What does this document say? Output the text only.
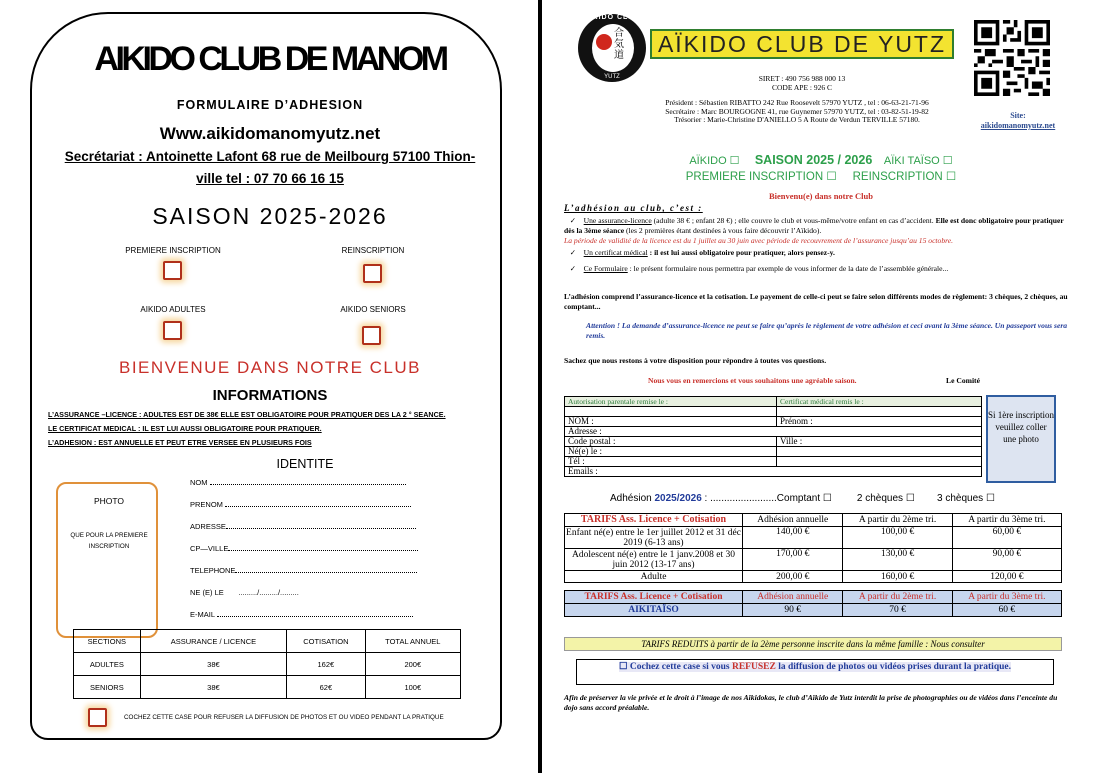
AIKIDO CLUB DE MANOM
FORMULAIRE D’ADHESION
Www.aikidomanomyutz.net
Secrétariat : Antoinette Lafont 68 rue de Meilbourg 57100 Thion-
ville tel : 07 70 66 16 15
SAISON 2025-2026
PREMIERE INSCRIPTION	REINSCRIPTION
AIKIDO ADULTES	AIKIDO SENIORS
BIENVENUE DANS NOTRE CLUB
INFORMATIONS
L’ASSURANCE –LICENCE : ADULTES EST DE 38€ ELLE EST OBLIGATOIRE POUR PRATIQUER DES LA 2 ° SEANCE.
LE CERTIFICAT MEDICAL : IL EST LUI AUSSI OBLIGATOIRE POUR PRATIQUER.
L’ADHESION : EST ANNUELLE ET PEUT ETRE VERSEE EN PLUSIEURS FOIS
IDENTITE
PHOTO
QUE POUR LA PREMIERE
INSCRIPTION
NOM
PRENOM
ADRESSE
CP—VILLE
TELEPHONE
NE (E) LE ........./........./.........
E-MAIL
SECTIONS	ASSURANCE / LICENCE	COTISATION	TOTAL ANNUEL
ADULTES	38€	162€	200€
SENIORS	38€	62€	100€
COCHEZ CETTE CASE POUR REFUSER LA DIFFUSION DE PHOTOS ET OU VIDEO PENDANT LA PRATIQUE
AÏKIDO CLUB
合気道
YUTZ
AÏKIDO CLUB DE YUTZ
Site:
aikidomanomyutz.net
SIRET : 490 756 988 000 13
CODE APE : 926 C
Président : Sébastien RIBATTO 242 Rue Roosevelt 57970 YUTZ , tel : 06-63-21-71-96
Secrétaire : Marc BOURGOGNE 41, rue Guynemer 57970 YUTZ, tel : 03-82-51-19-82
Trésorier : Marie-Christine D'ANIELLO 5 A Route de Verdun TERVILLE 57180.
AÏKIDO ☐ SAISON 2025 / 2026 AÏKI TAÏSO ☐
PREMIERE INSCRIPTION ☐ REINSCRIPTION ☐
Bienvenu(e) dans notre Club
L’adhésion au club, c’est :
✓    Une assurance-licence (adulte 38 € ; enfant 28 €) ; elle couvre le club et vous-même/votre enfant en cas d’accident. Elle est donc obligatoire pour pratiquer dès la 3ème séance (les 2 premières étant destinées à vous faire découvrir l’Aïkido).
La période de validité de la licence est du 1 juillet au 30 juin avec période de recouvrement de l’assurance jusqu’au 15 octobre.
✓    Un certificat médical : il est lui aussi obligatoire pour pratiquer, alors pensez-y.
✓    Ce Formulaire : le présent formulaire nous permettra par exemple de vous informer de la date de l’assemblée générale...
L’adhésion comprend l’assurance-licence et la cotisation. Le payement de celle-ci peut se faire selon différents modes de règlement: 3 chèques, 2 chèques, au comptant...
Attention ! La demande d’assurance-licence ne peut se faire qu’après le règlement de votre adhésion et ceci avant la 3ème séance. Un passeport vous sera remis.
Sachez que nous restons à votre disposition pour répondre à toutes vos questions.
Nous vous en remercions et vous souhaitons une agréable saison.	Le Comité
Autorisation parentale remise le :	Certificat médical remis le :

NOM :	Prénom :
Adresse :	
Code postal :	Ville :
Né(e) le :	
Tél :	
Emails :	
Si 1ère inscription veuillez coller une photo
Adhésion 2025/2026 : ........................Comptant ☐	2 chèques ☐ 3 chèques ☐
TARIFS Ass. Licence + Cotisation	Adhésion annuelle	A partir du 2ème tri.	A partir du 3ème tri.
Enfant né(e) entre le 1er juillet 2012 et 31 déc 2019 (6-13 ans)	140,00 €	100,00 €	60,00 €
Adolescent né(e) entre le 1 janv.2008 et 30 juin 2012 (13-17 ans)	170,00 €	130,00 €	90,00 €
Adulte	200,00 €	160,00 €	120,00 €

TARIFS Ass. Licence + Cotisation	Adhésion annuelle	A partir du 2ème tri.	A partir du 3ème tri.
AIKITAÏSO	90 €	70 €	60 €
TARIFS REDUITS à partir de la 2ème personne inscrite dans la même famille : Nous consulter
☐ Cochez cette case si vous REFUSEZ la diffusion de photos ou vidéos prises durant la pratique.
Afin de préserver la vie privée et le droit à l’image de nos Aïkidokas, le club d’Aïkido de Yutz interdit la prise de photographies ou de vidéos dans l’enceinte du dojo sans accord préalable.
